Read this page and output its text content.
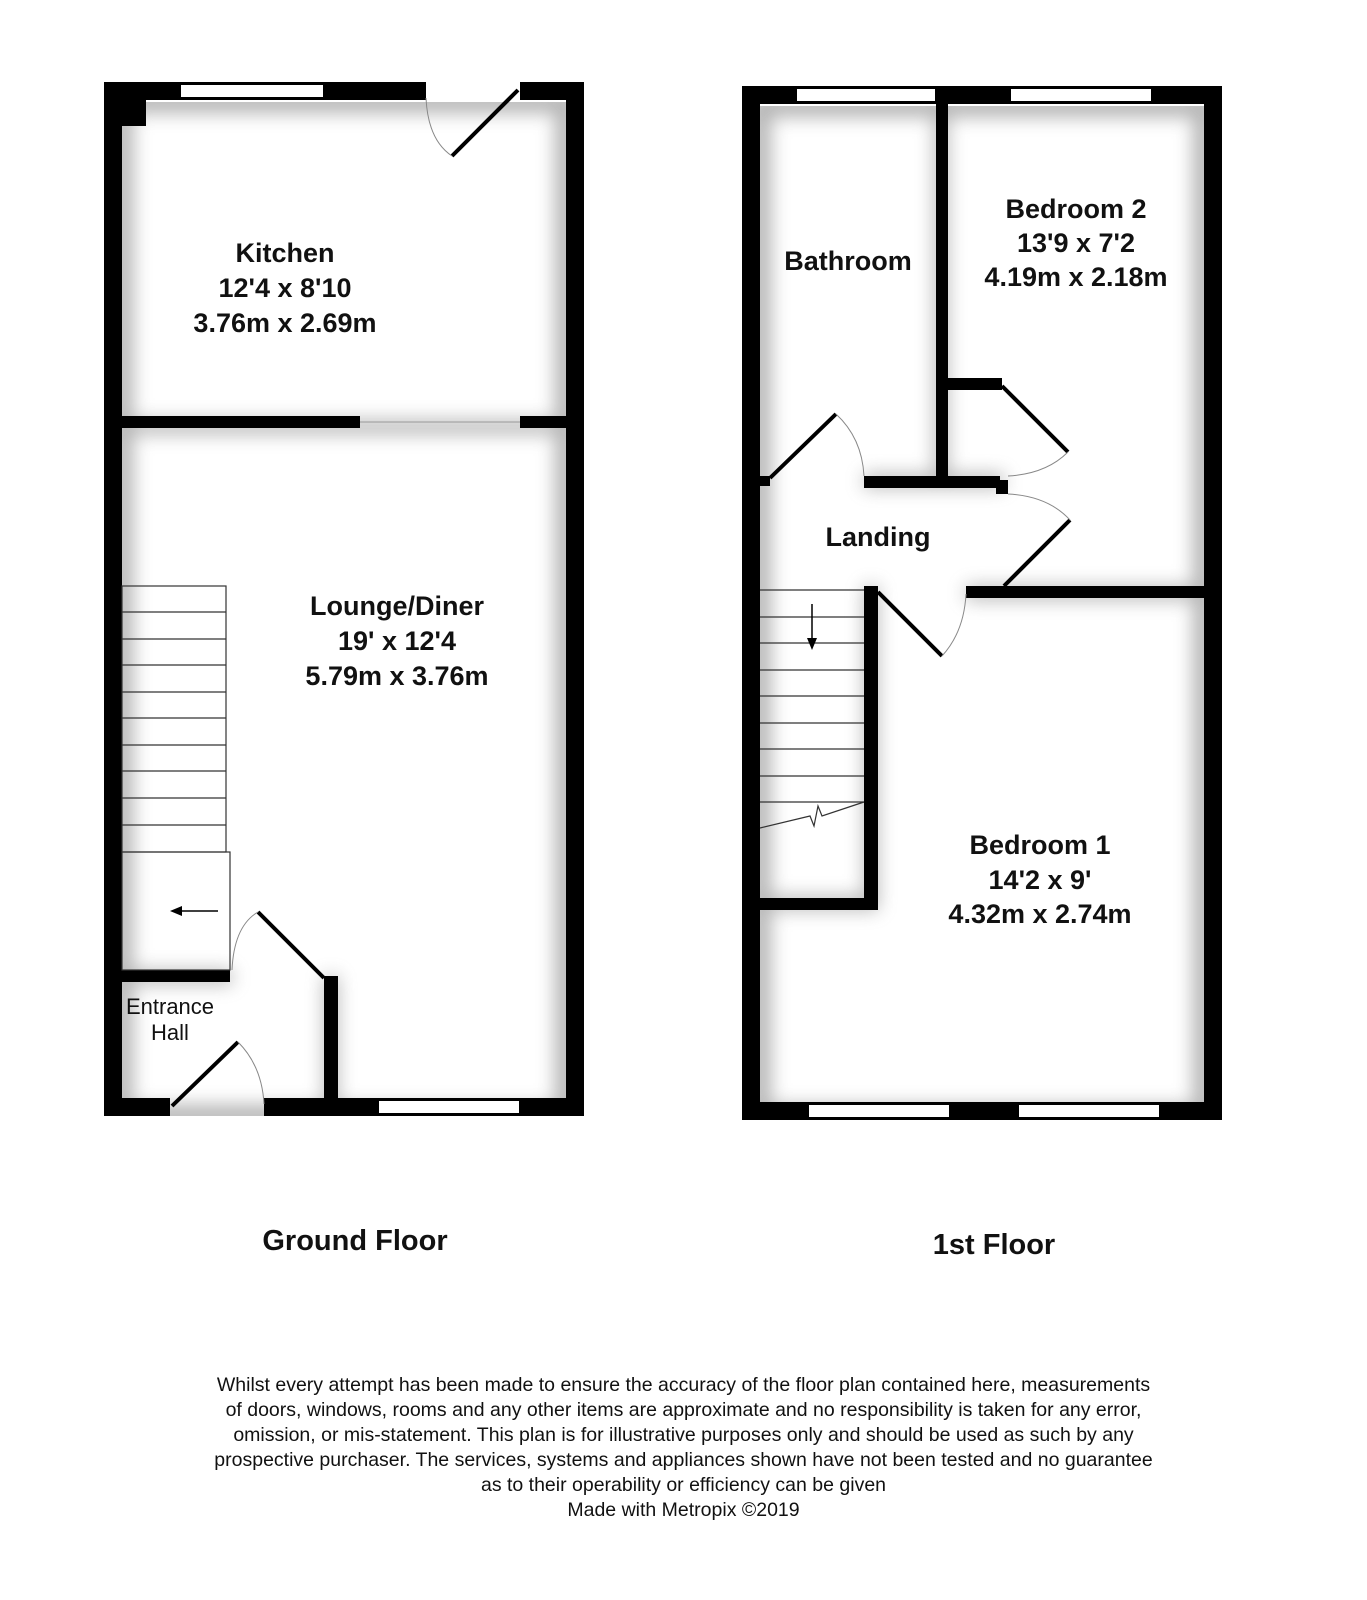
Kitchen
12'4 x 8'10
3.76m x 2.69m
Lounge/Diner
19' x 12'4
5.79m x 3.76m
Entrance
Hall
Ground Floor
Bathroom
Bedroom 2
13'9 x 7'2
4.19m x 2.18m
Landing
Bedroom 1
14'2 x 9'
4.32m x 2.74m
1st Floor
Whilst every attempt has been made to ensure the accuracy of the floor plan contained here, measurements
of doors, windows, rooms and any other items are approximate and no responsibility is taken for any error,
omission, or mis-statement. This plan is for illustrative purposes only and should be used as such by any
prospective purchaser. The services, systems and appliances shown have not been tested and no guarantee
as to their operability or efficiency can be given
Made with Metropix ©2019
